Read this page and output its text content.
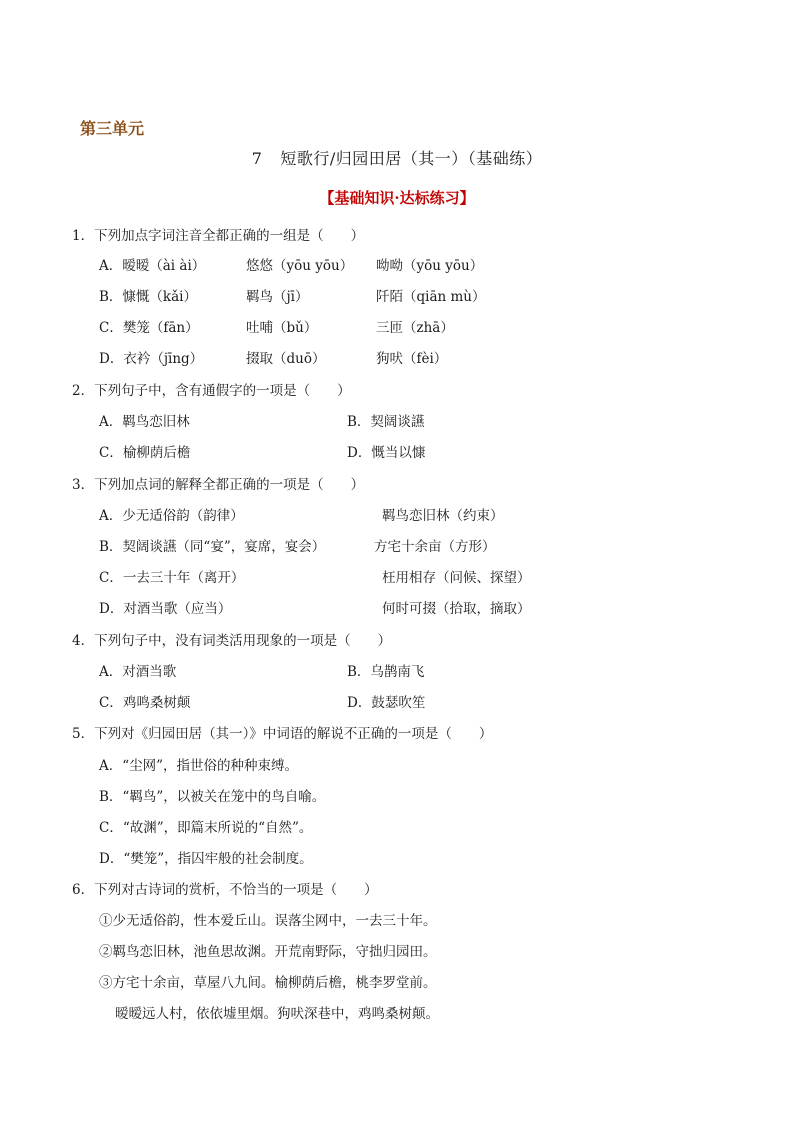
第三单元
7 短歌行/归园田居（其一）（基础练）
【基础知识·达标练习】
1．下列加点字词注音全都正确的一组是（　　）
A．暧暧（ài ài）	悠悠（yōu yōu） 呦呦（yōu yōu）
B．慷慨（kǎi）	羁鸟（jī）	阡陌（qiān mù）
C．樊笼（fān）	吐哺（bǔ）	三匝（zhā）
D．衣衿（jīng）	掇取（duō）	狗吠（fèi）
2．下列句子中，含有通假字的一项是（　　）
A．羁鸟恋旧林	B．契阔谈讌
C．榆柳荫后檐	D．慨当以慷
3．下列加点词的解释全都正确的一项是（　　）
A．少无适俗韵（韵律）	羁鸟恋旧林（约束）
B．契阔谈讌（同“宴”，宴席，宴会）	方宅十余亩（方形）
C．一去三十年（离开）	枉用相存（问候、探望）
D．对酒当歌（应当）	何时可掇（拾取，摘取）
4．下列句子中，没有词类活用现象的一项是（　　）
A．对酒当歌	B．乌鹊南飞
C．鸡鸣桑树颠	D．鼓瑟吹笙
5．下列对《归园田居（其一）》中词语的解说不正确的一项是（　　）
A．“尘网”，指世俗的种种束缚。
B．“羁鸟”，以被关在笼中的鸟自喻。
C．“故渊”，即篇末所说的“自然”。
D．“樊笼”，指囚牢般的社会制度。
6．下列对古诗词的赏析，不恰当的一项是（　　）
①少无适俗韵，性本爱丘山。误落尘网中，一去三十年。
②羁鸟恋旧林，池鱼思故渊。开荒南野际，守拙归园田。
③方宅十余亩，草屋八九间。榆柳荫后檐，桃李罗堂前。
暧暧远人村，依依墟里烟。狗吠深巷中，鸡鸣桑树颠。
